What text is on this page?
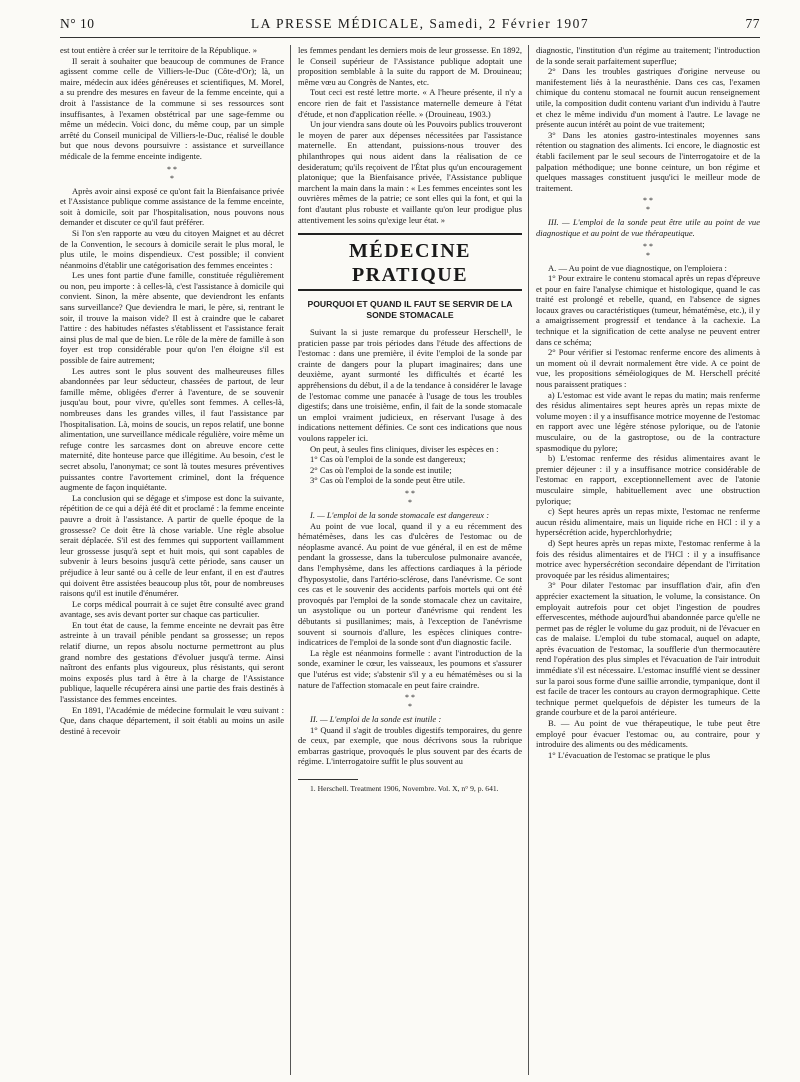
N° 10	LA PRESSE MÉDICALE, Samedi, 2 Février 1907	77

est tout entière à créer sur le territoire de la République. »

Il serait à souhaiter que beaucoup de communes de France agissent comme celle de Villiers-le-Duc (Côte-d'Or); là, un maire, médecin aux idées généreuses et scientifiques, M. Morel, a su prendre des mesures en faveur de la femme enceinte, qui a droit à l'assistance de la commune si ses ressources sont insuffisantes, à l'examen obstétrical par une sage-femme ou même un médecin. Voici donc, du même coup, par un simple arrêté du Conseil municipal de Villiers-le-Duc, réalisé le double but que nous devons poursuivre : assistance et surveillance médicale de la femme enceinte indigente.

* *
*

Après avoir ainsi exposé ce qu'ont fait la Bienfaisance privée et l'Assistance publique comme assistance de la femme enceinte, soit à domicile, soit par l'hospitalisation, nous pouvons nous demander et discuter ce qu'il faut préférer.

Si l'on s'en rapporte au vœu du citoyen Maignet et au décret de la Convention, le secours à domicile serait le plus moral, le plus utile, le moins dispendieux. C'est possible; il convient néanmoins d'établir une catégorisation des femmes enceintes :

Les unes font partie d'une famille, constituée régulièrement ou non, peu importe : à celles-là, c'est l'assistance à domicile qui convient. Sinon, la mère absente, que deviendront les enfants sans surveillance? Que deviendra le mari, le père, si, rentrant le soir, il trouve la maison vide? Il est à craindre que le cabaret l'attire : des habitudes néfastes s'établissent et l'assistance ferait ainsi plus de mal que de bien. Le rôle de la mère de famille à son foyer est trop considérable pour qu'on l'en éloigne s'il est possible de faire autrement;

Les autres sont le plus souvent des malheureuses filles abandonnées par leur séducteur, chassées de partout, de leur famille même, obligées d'errer à l'aventure, de se souvenir jusqu'au bout, pour vivre, qu'elles sont femmes. A celles-là, nombreuses dans les grandes villes, il faut l'assistance par l'hospitalisation. Là, moins de soucis, un repos relatif, une bonne alimentation, une surveillance médicale régulière, voire même un refuge contre les sarcasmes dont on abreuve encore cette maternité, dite honteuse parce que illégitime. Au besoin, c'est le secret absolu, l'anonymat; ce sont là toutes mesures préventives puissantes contre l'avortement criminel, dont la fréquence augmente de façon inquiétante.

La conclusion qui se dégage et s'impose est donc la suivante, répétition de ce qui a déjà été dit et proclamé : la femme enceinte pauvre a droit à l'assistance. A partir de quelle époque de la grossesse? Ce doit être là chose variable. Une règle absolue serait déplacée. S'il est des femmes qui supportent vaillamment leur grossesse jusqu'à sept et huit mois, qui sont capables de subvenir à leurs besoins jusqu'à cette période, sans causer un préjudice à leur santé ou à celle de leur enfant, il en est d'autres qui doivent être assistées beaucoup plus tôt, pour de nombreuses raisons qu'il est inutile d'énumérer.

Le corps médical pourrait à ce sujet être consulté avec grand avantage, ses avis devant porter sur chaque cas particulier.

En tout état de cause, la femme enceinte ne devrait pas être astreinte à un travail pénible pendant sa grossesse; un repos relatif diurne, un repos absolu nocturne permettront au plus grand nombre des gestations d'évoluer jusqu'à terme. Ainsi naîtront des enfants plus vigoureux, plus résistants, qui seront moins exposés plus tard à être à la charge de l'Assistance publique, laquelle récupérera ainsi une partie des frais destinés à l'assistance des femmes enceintes.

En 1891, l'Académie de médecine formulait le vœu suivant : Que, dans chaque département, il soit établi au moins un asile destiné à recevoir

les femmes pendant les derniers mois de leur grossesse. En 1892, le Conseil supérieur de l'Assistance publique adoptait une proposition semblable à la suite du rapport de M. Drouineau; même vœu au Congrès de Nantes, etc.

Tout ceci est resté lettre morte. « A l'heure présente, il n'y a encore rien de fait et l'assistance maternelle demeure à l'état d'étude, et non d'application réelle. » (Drouineau, 1903.)

Un jour viendra sans doute où les Pouvoirs publics trouveront le moyen de parer aux dépenses nécessitées par l'assistance maternelle. En attendant, puissions-nous trouver des philanthropes qui nous aident dans la réalisation de ce desideratum; qu'ils reçoivent de l'État plus qu'un encouragement platonique; que la Bienfaisance privée, l'Assistance publique marchent la main dans la main : « Les femmes enceintes sont les ouvrières mêmes de la patrie; ce sont elles qui la font, et qui la font d'autant plus robuste et vaillante qu'on leur prodigue plus attentivement les soins qu'exige leur état. »

MÉDECINE PRATIQUE
POURQUOI ET QUAND IL FAUT SE SERVIR DE LA SONDE STOMACALE

Suivant la si juste remarque du professeur Herschell¹, le praticien passe par trois périodes dans l'étude des affections de l'estomac : dans une première, il évite l'emploi de la sonde par crainte de dangers pour la plupart imaginaires; dans une deuxième, ayant surmonté les difficultés et écarté les appréhensions du début, il a de la tendance à considérer le lavage de l'estomac comme une panacée à l'usage de tous les troubles digestifs; dans une troisième, enfin, il fait de la sonde stomacale un emploi vraiment judicieux, en réservant l'usage à des indications nettement définies. Ce sont ces indications que nous voulons rappeler ici.

On peut, à seules fins cliniques, diviser les espèces en :

1° Cas où l'emploi de la sonde est dangereux;

2° Cas où l'emploi de la sonde est inutile;

3° Cas où l'emploi de la sonde peut être utile.

* *
*

I. — L'emploi de la sonde stomacale est dangereux :

Au point de vue local, quand il y a eu récemment des hématémèses, dans les cas d'ulcères de l'estomac ou de néoplasme avancé. Au point de vue général, il en est de même pendant la grossesse, dans la tuberculose pulmonaire avancée, dans l'emphysème, dans les affections cardiaques à la période d'hyposystolie, dans l'artério-sclérose, dans l'anévrisme. Ce sont ces cas et le souvenir des accidents parfois mortels qui ont été provoqués par l'emploi de la sonde stomacale chez un cavitaire, un asystolique ou un porteur d'anévrisme qui rendent les débutants si pusillanimes; mais, à l'exception de l'anévrisme souvent si sournois d'allure, les espèces cliniques contre-indicatrices de l'emploi de la sonde sont d'un diagnostic facile.

La règle est néanmoins formelle : avant l'introduction de la sonde, examiner le cœur, les vaisseaux, les poumons et s'assurer que l'utérus est vide; s'abstenir s'il y a eu hématémèses ou si la nature de l'affection stomacale en peut faire craindre.

* *
*

II. — L'emploi de la sonde est inutile :

1° Quand il s'agit de troubles digestifs temporaires, du genre de ceux, par exemple, que nous décrivons sous la rubrique embarras gastrique, provoqués le plus souvent par des écarts de régime. L'interrogatoire suffit le plus souvent au

1. Herschell. Treatment 1906, Novembre. Vol. X, n° 9, p. 641.

diagnostic, l'institution d'un régime au traitement; l'introduction de la sonde serait parfaitement superflue;

2° Dans les troubles gastriques d'origine nerveuse ou manifestement liés à la neurasthénie. Dans ces cas, l'examen chimique du contenu stomacal ne fournit aucun renseignement utile, la composition dudit contenu variant d'un individu à l'autre et chez le même individu d'un moment à l'autre. Le lavage ne présente aucun intérêt au point de vue traitement;

3° Dans les atonies gastro-intestinales moyennes sans rétention ou stagnation des aliments. Ici encore, le diagnostic est établi facilement par le seul secours de l'interrogatoire et de la palpation méthodique; une bonne ceinture, un bon régime et quelques massages constituent jusqu'ici le meilleur mode de traitement.

* *
*

III. — L'emploi de la sonde peut être utile au point de vue diagnostique et au point de vue thérapeutique.

* *
*

A. — Au point de vue diagnostique, on l'emploiera :

1° Pour extraire le contenu stomacal après un repas d'épreuve et pour en faire l'analyse chimique et histologique, quand le cas traité est prolongé et rebelle, quand, en l'absence de signes locaux graves ou caractéristiques (tumeur, hématémèse, etc.), il y a amaigrissement progressif et tendance à la cachexie. La technique et la signification de cette analyse ne peuvent entrer dans ce schéma;

2° Pour vérifier si l'estomac renferme encore des aliments à un moment où il devrait normalement être vide. A ce point de vue, les propositions séméiologiques de M. Herschell précité nous paraissent pratiques :

a) L'estomac est vide avant le repas du matin; mais renferme des résidus alimentaires sept heures après un repas mixte de volume moyen : il y a insuffisance motrice moyenne de l'estomac en rapport avec une légère sténose pylorique, ou de l'atonie musculaire, ou de la gastroptose, ou de la contracture spasmodique du pylore;

b) L'estomac renferme des résidus alimentaires avant le premier déjeuner : il y a insuffisance motrice considérable de l'estomac en rapport, exceptionnellement avec de l'atonie musculaire simple, habituellement avec une obstruction pylorique;

c) Sept heures après un repas mixte, l'estomac ne renferme aucun résidu alimentaire, mais un liquide riche en HCl : il y a hypersécrétion acide, hyperchlorhydrie;

d) Sept heures après un repas mixte, l'estomac renferme à la fois des résidus alimentaires et de l'HCl : il y a insuffisance motrice avec hypersécrétion secondaire dépendant de l'irritation provoquée par les résidus alimentaires;

3° Pour dilater l'estomac par insufflation d'air, afin d'en apprécier exactement la situation, le volume, la consistance. On employait autrefois pour cet objet l'ingestion de poudres effervescentes, méthode aujourd'hui abandonnée parce qu'elle ne permet pas de régler le volume du gaz produit, ni de l'évacuer en cas de malaise. L'emploi du tube stomacal, auquel on adapte, après évacuation de l'estomac, la soufflerie d'un thermocautère rend l'opération des plus simples et l'évacuation de l'air introduit immédiate s'il est nécessaire. L'estomac insufflé vient se dessiner sur la paroi sous forme d'une saillie arrondie, tympanique, dont il est facile de tracer les contours au crayon dermographique. Cette technique permet quelquefois de dépister les tumeurs de la grande courbure et de la paroi antérieure.

B. — Au point de vue thérapeutique, le tube peut être employé pour évacuer l'estomac ou, au contraire, pour y introduire des aliments ou des médicaments.

1° L'évacuation de l'estomac se pratique le plus
